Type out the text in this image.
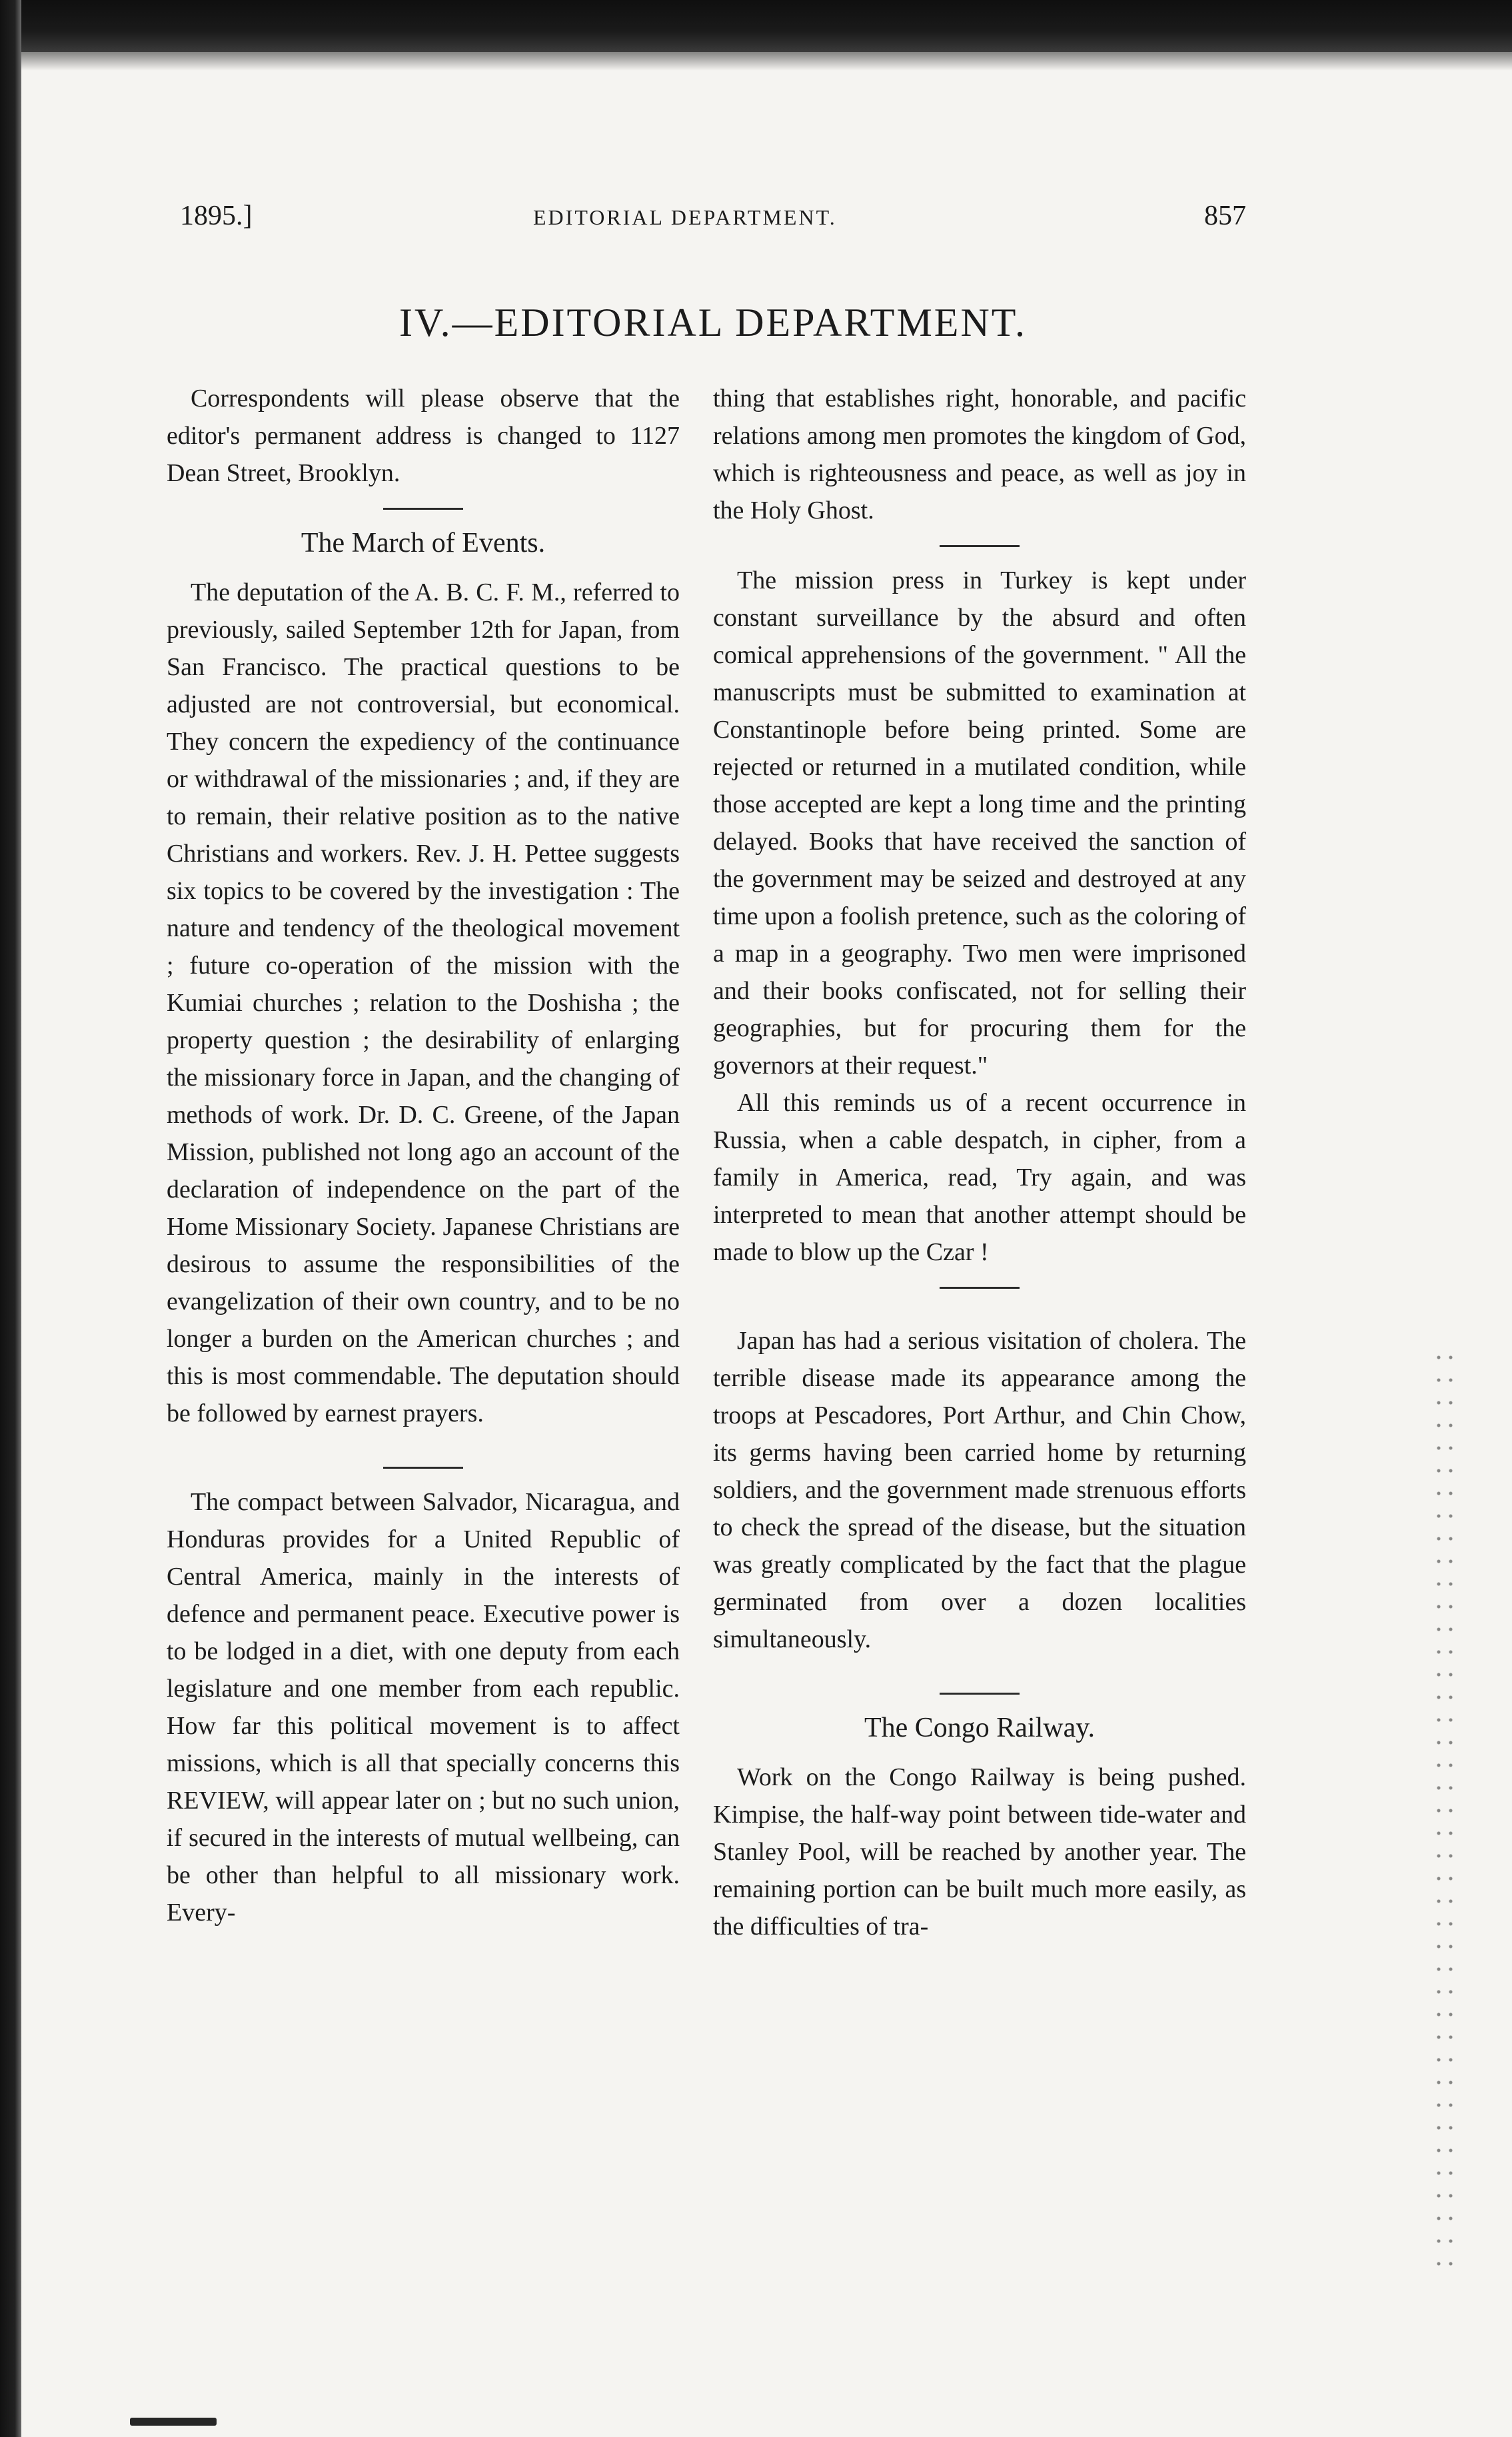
1895.]	EDITORIAL DEPARTMENT.	857
IV.—EDITORIAL DEPARTMENT.

Correspondents will please observe that the editor's permanent address is changed to 1127 Dean Street, Brooklyn.

The March of Events.

The deputation of the A. B. C. F. M., referred to previously, sailed September 12th for Japan, from San Francisco. The practical questions to be adjusted are not controversial, but economical. They concern the expediency of the continuance or withdrawal of the missionaries ; and, if they are to remain, their relative position as to the native Christians and workers. Rev. J. H. Pettee suggests six topics to be covered by the investigation : The nature and tendency of the theological movement ; future co-operation of the mission with the Kumiai churches ; relation to the Doshisha ; the property question ; the desirability of enlarging the missionary force in Japan, and the changing of methods of work. Dr. D. C. Greene, of the Japan Mission, published not long ago an account of the declaration of independence on the part of the Home Missionary Society. Japanese Christians are desirous to assume the responsibilities of the evangelization of their own country, and to be no longer a burden on the American churches ; and this is most commendable. The deputation should be followed by earnest prayers.

The compact between Salvador, Nicaragua, and Honduras provides for a United Republic of Central America, mainly in the interests of defence and permanent peace. Executive power is to be lodged in a diet, with one deputy from each legislature and one member from each republic. How far this political movement is to affect missions, which is all that specially concerns this REVIEW, will appear later on ; but no such union, if secured in the interests of mutual wellbeing, can be other than helpful to all missionary work. Every-

thing that establishes right, honorable, and pacific relations among men promotes the kingdom of God, which is righteousness and peace, as well as joy in the Holy Ghost.

The mission press in Turkey is kept under constant surveillance by the absurd and often comical apprehensions of the government. " All the manuscripts must be submitted to examination at Constantinople before being printed. Some are rejected or returned in a mutilated condition, while those accepted are kept a long time and the printing delayed. Books that have received the sanction of the government may be seized and destroyed at any time upon a foolish pretence, such as the coloring of a map in a geography. Two men were imprisoned and their books confiscated, not for selling their geographies, but for procuring them for the governors at their request."

All this reminds us of a recent occurrence in Russia, when a cable despatch, in cipher, from a family in America, read, Try again, and was interpreted to mean that another attempt should be made to blow up the Czar !

Japan has had a serious visitation of cholera. The terrible disease made its appearance among the troops at Pescadores, Port Arthur, and Chin Chow, its germs having been carried home by returning soldiers, and the government made strenuous efforts to check the spread of the disease, but the situation was greatly complicated by the fact that the plague germinated from over a dozen localities simultaneously.

The Congo Railway.

Work on the Congo Railway is being pushed. Kimpise, the half-way point between tide-water and Stanley Pool, will be reached by another year. The remaining portion can be built much more easily, as the difficulties of tra-
